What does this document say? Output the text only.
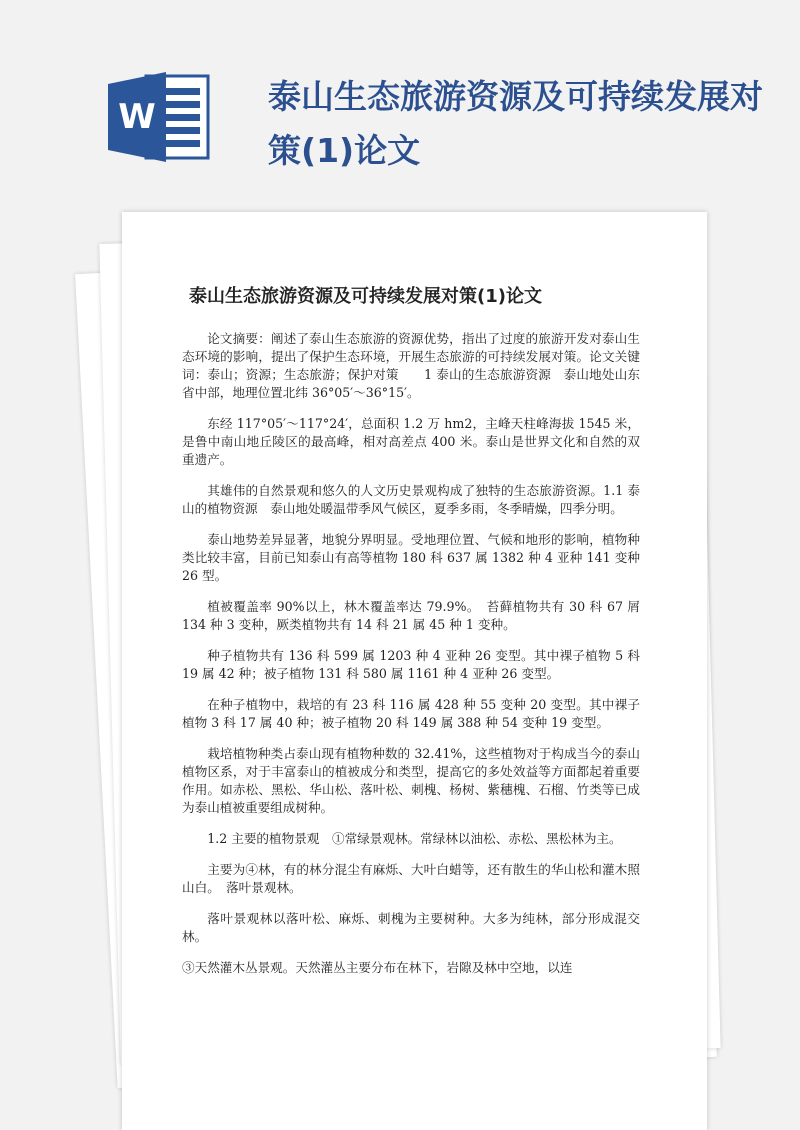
W
泰山生态旅游资源及可持续发展对策(1)论文
泰山生态旅游资源及可持续发展对策(1)论文

论文摘要：阐述了泰山生态旅游的资源优势，指出了过度的旅游开发对泰山生态环境的影响，提出了保护生态环境，开展生态旅游的可持续发展对策。论文关键词：泰山；资源；生态旅游；保护对策　　1 泰山的生态旅游资源　泰山地处山东省中部，地理位置北纬 36°05′～36°15′。

东经 117°05′～117°24′，总面积 1.2 万 hm2，主峰天柱峰海拔 1545 米，是鲁中南山地丘陵区的最高峰，相对高差点 400 米。泰山是世界文化和自然的双重遗产。

其雄伟的自然景观和悠久的人文历史景观构成了独特的生态旅游资源。1.1 泰山的植物资源　泰山地处暖温带季风气候区，夏季多雨，冬季晴燥，四季分明。

泰山地势差异显著，地貌分界明显。受地理位置、气候和地形的影响，植物种类比较丰富，目前已知泰山有高等植物 180 科 637 属 1382 种 4 亚种 141 变种 26 型。

植被覆盖率 90%以上，林木覆盖率达 79.9%。　苔藓植物共有 30 科 67 屑 134 种 3 变种，厥类植物共有 14 科 21 属 45 种 1 变种。

种子植物共有 136 科 599 属 1203 种 4 亚种 26 变型。其中裸子植物 5 科 19 属 42 种；被子植物 131 科 580 属 1161 种 4 亚种 26 变型。

在种子植物中，栽培的有 23 科 116 属 428 种 55 变种 20 变型。其中裸子植物 3 科 17 属 40 种；被子植物 20 科 149 属 388 种 54 变种 19 变型。

栽培植物种类占泰山现有植物种数的 32.41%，这些植物对于构成当今的泰山植物区系，对于丰富泰山的植被成分和类型，提高它的多处效益等方面都起着重要作用。如赤松、黑松、华山松、落叶松、刺槐、杨树、紫穗槐、石榴、竹类等已成为泰山植被重要组成树种。

1.2 主要的植物景观　①常绿景观林。常绿林以油松、赤松、黑松林为主。

主要为④林，有的林分混尘有麻烁、大叶白蜡等，还有散生的华山松和灌木照山白。　落叶景观林。

落叶景观林以落叶松、麻烁、刺槐为主要树种。大多为纯林，部分形成混交林。

③天然灌木丛景观。天然灌丛主要分布在林下，岩隙及林中空地，以连
